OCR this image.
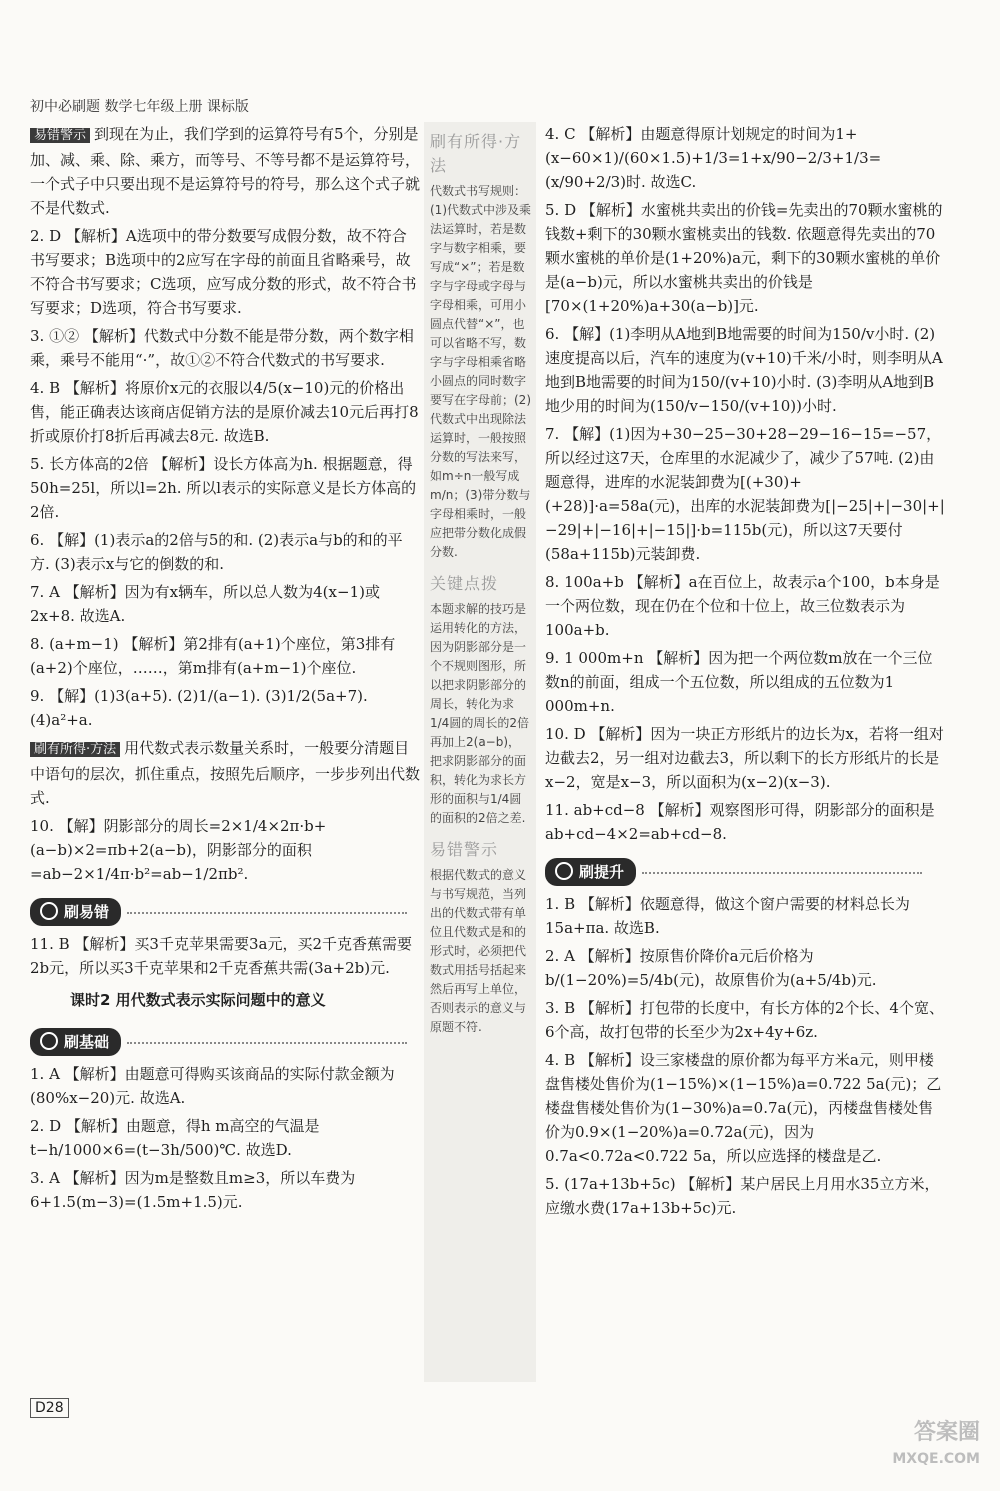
初中必刷题 数学七年级上册 课标版

易错警示 到现在为止，我们学到的运算符号有5个，分别是加、减、乘、除、乘方，而等号、不等号都不是运算符号，一个式子中只要出现不是运算符号的符号，那么这个式子就不是代数式.

2. D 【解析】A选项中的带分数要写成假分数，故不符合书写要求；B选项中的2应写在字母的前面且省略乘号，故不符合书写要求；C选项，应写成分数的形式，故不符合书写要求；D选项，符合书写要求.

3. ①② 【解析】代数式中分数不能是带分数，两个数字相乘，乘号不能用“·”，故①②不符合代数式的书写要求.

4. B 【解析】将原价x元的衣服以4/5(x−10)元的价格出售，能正确表达该商店促销方法的是原价减去10元后再打8折或原价打8折后再减去8元. 故选B.

5. 长方体高的2倍 【解析】设长方体高为h. 根据题意，得50h=25l，所以l=2h. 所以l表示的实际意义是长方体高的2倍.

6. 【解】(1)表示a的2倍与5的和. (2)表示a与b的和的平方. (3)表示x与它的倒数的和.

7. A 【解析】因为有x辆车，所以总人数为4(x−1)或2x+8. 故选A.

8. (a+m−1) 【解析】第2排有(a+1)个座位，第3排有(a+2)个座位，……，第m排有(a+m−1)个座位.

9. 【解】(1)3(a+5). (2)1/(a−1). (3)1/2(5a+7). (4)a²+a.

刷有所得·方法 用代数式表示数量关系时，一般要分清题目中语句的层次，抓住重点，按照先后顺序，一步步列出代数式.

10. 【解】阴影部分的周长=2×1/4×2π·b+(a−b)×2=πb+2(a−b)，阴影部分的面积=ab−2×1/4π·b²=ab−1/2πb².

刷易错

11. B 【解析】买3千克苹果需要3a元，买2千克香蕉需要2b元，所以买3千克苹果和2千克香蕉共需(3a+2b)元.

课时2 用代数式表示实际问题中的意义
刷基础

1. A 【解析】由题意可得购买该商品的实际付款金额为(80%x−20)元. 故选A.

2. D 【解析】由题意，得h m高空的气温是t−h/1000×6=(t−3h/500)℃. 故选D.

3. A 【解析】因为m是整数且m≥3，所以车费为6+1.5(m−3)=(1.5m+1.5)元.

刷有所得·方法
代数式书写规则：(1)代数式中涉及乘法运算时，若是数字与数字相乘，要写成“×”；若是数字与字母或字母与字母相乘，可用小圆点代替“×”，也可以省略不写，数字与字母相乘省略小圆点的同时数字要写在字母前；(2)代数式中出现除法运算时，一般按照分数的写法来写，如m÷n一般写成m/n；(3)带分数与字母相乘时，一般应把带分数化成假分数.
关键点拨
本题求解的技巧是运用转化的方法，因为阴影部分是一个不规则图形，所以把求阴影部分的周长，转化为求1/4圆的周长的2倍再加上2(a−b)，把求阴影部分的面积，转化为求长方形的面积与1/4圆的面积的2倍之差.
易错警示
根据代数式的意义与书写规范，当列出的代数式带有单位且代数式是和的形式时，必须把代数式用括号括起来然后再写上单位，否则表示的意义与原题不符.

4. C 【解析】由题意得原计划规定的时间为1+(x−60×1)/(60×1.5)+1/3=1+x/90−2/3+1/3=(x/90+2/3)时. 故选C.

5. D 【解析】水蜜桃共卖出的价钱=先卖出的70颗水蜜桃的钱数+剩下的30颗水蜜桃卖出的钱数. 依题意得先卖出的70颗水蜜桃的单价是(1+20%)a元，剩下的30颗水蜜桃的单价是(a−b)元，所以水蜜桃共卖出的价钱是[70×(1+20%)a+30(a−b)]元.

6. 【解】(1)李明从A地到B地需要的时间为150/v小时. (2)速度提高以后，汽车的速度为(v+10)千米/小时，则李明从A地到B地需要的时间为150/(v+10)小时. (3)李明从A地到B地少用的时间为(150/v−150/(v+10))小时.

7. 【解】(1)因为+30−25−30+28−29−16−15=−57，所以经过这7天，仓库里的水泥减少了，减少了57吨. (2)由题意得，进库的水泥装卸费为[(+30)+(+28)]·a=58a(元)，出库的水泥装卸费为[|−25|+|−30|+|−29|+|−16|+|−15|]·b=115b(元)，所以这7天要付(58a+115b)元装卸费.

8. 100a+b 【解析】a在百位上，故表示a个100，b本身是一个两位数，现在仍在个位和十位上，故三位数表示为100a+b.

9. 1 000m+n 【解析】因为把一个两位数m放在一个三位数n的前面，组成一个五位数，所以组成的五位数为1 000m+n.

10. D 【解析】因为一块正方形纸片的边长为x，若将一组对边截去2，另一组对边截去3，所以剩下的长方形纸片的长是x−2，宽是x−3，所以面积为(x−2)(x−3).

11. ab+cd−8 【解析】观察图形可得，阴影部分的面积是ab+cd−4×2=ab+cd−8.

刷提升

1. B 【解析】依题意得，做这个窗户需要的材料总长为15a+πa. 故选B.

2. A 【解析】按原售价降价a元后价格为b/(1−20%)=5/4b(元)，故原售价为(a+5/4b)元.

3. B 【解析】打包带的长度中，有长方体的2个长、4个宽、6个高，故打包带的长至少为2x+4y+6z.

4. B 【解析】设三家楼盘的原价都为每平方米a元，则甲楼盘售楼处售价为(1−15%)×(1−15%)a=0.722 5a(元)；乙楼盘售楼处售价为(1−30%)a=0.7a(元)，丙楼盘售楼处售价为0.9×(1−20%)a=0.72a(元)，因为0.7a<0.72a<0.722 5a，所以应选择的楼盘是乙.

5. (17a+13b+5c) 【解析】某户居民上月用水35立方米，应缴水费(17a+13b+5c)元.

D28
答案圈
MXQE.COM
